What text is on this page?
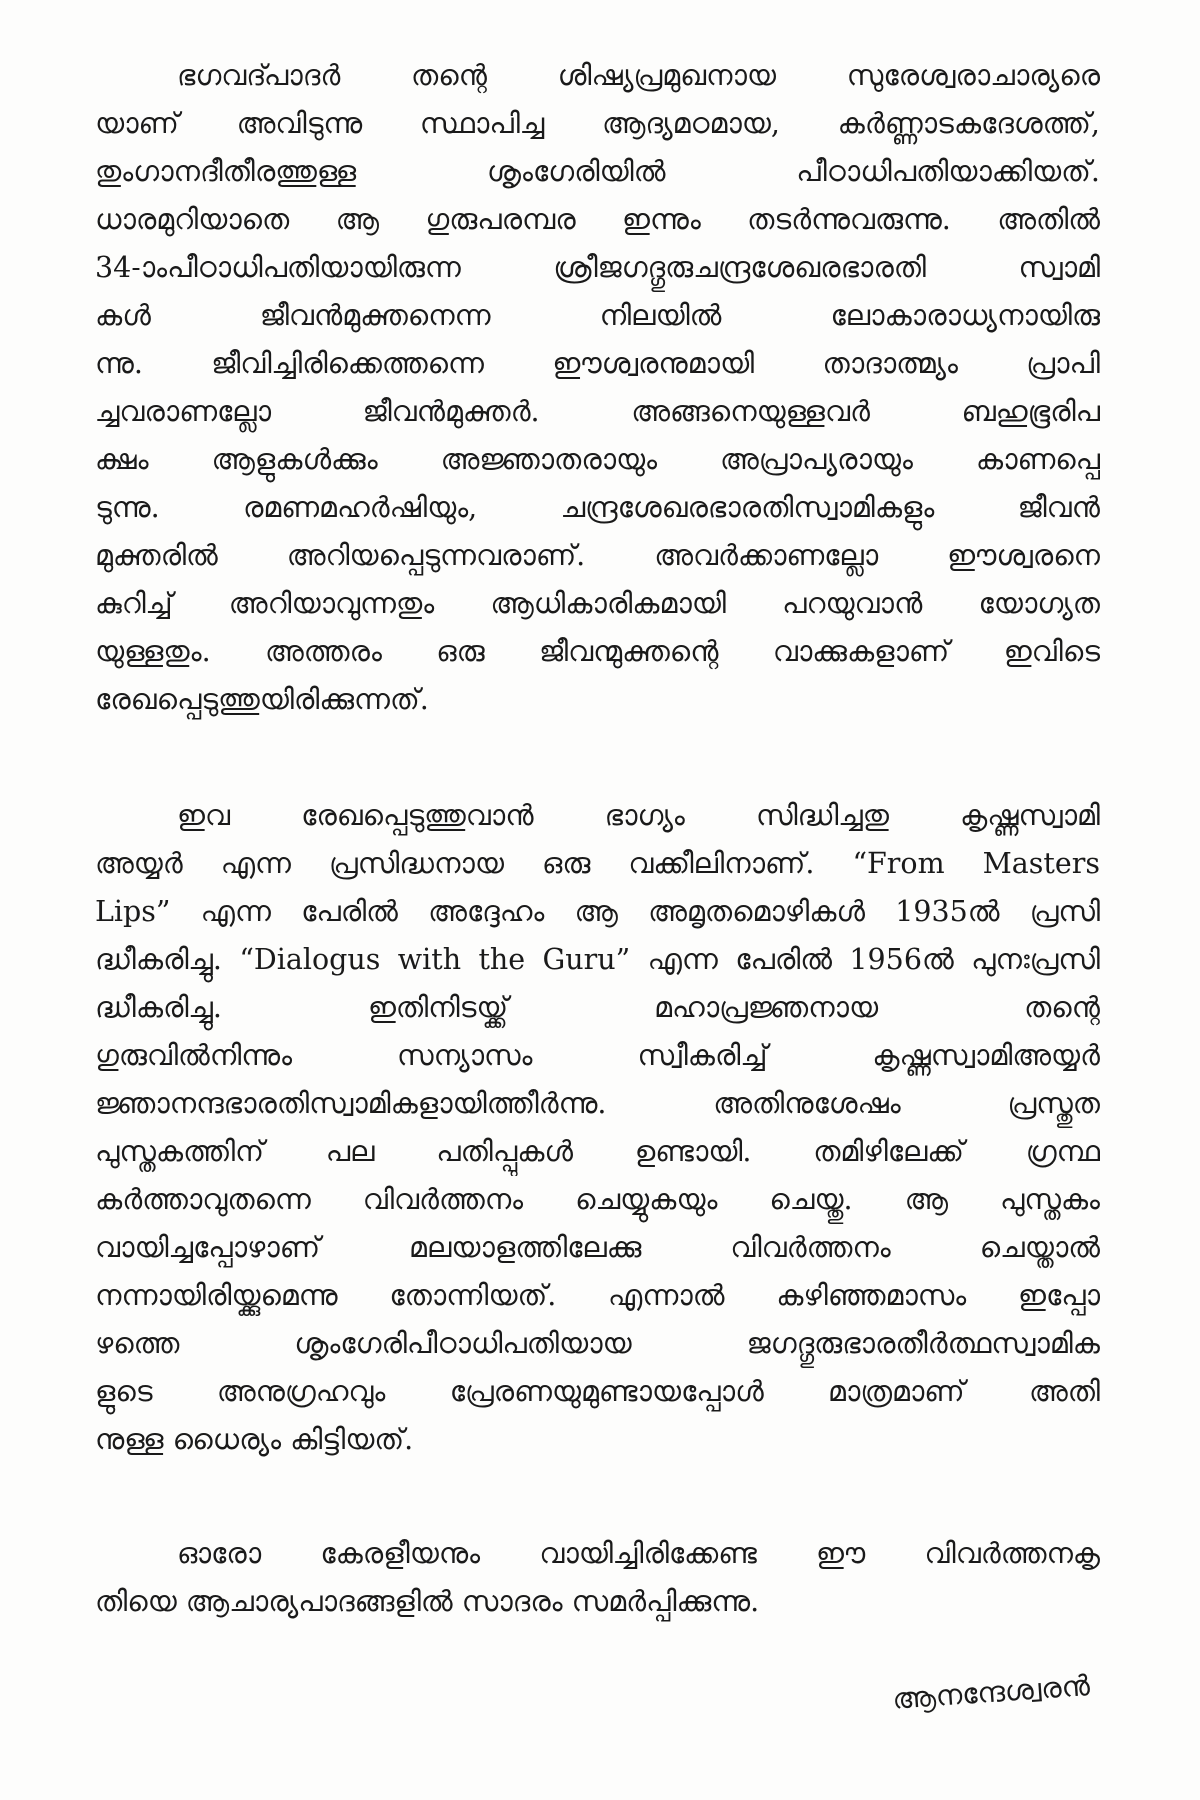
ഭഗവദ്പാദർ തന്റെ ശിഷ്യപ്രമുഖനായ സുരേശ്വരാചാര്യരെ
യാണ് അവിടുന്നു സ്ഥാപിച്ച ആദ്യമഠമായ, കർണ്ണാടകദേശത്ത്,
തുംഗാനദീതീരത്തുള്ള ശൃംഗേരിയിൽ പീഠാധിപതിയാക്കിയത്.
ധാരമുറിയാതെ ആ ഗുരുപരമ്പര ഇന്നും തടർന്നുവരുന്നു. അതിൽ
34-ാംപീഠാധിപതിയായിരുന്ന ശ്രീജഗദ്ഗുരുചന്ദ്രശേഖരഭാരതി സ്വാമി
കൾ ജീവൻമുക്തനെന്ന നിലയിൽ ലോകാരാധ്യനായിരു
ന്നു. ജീവിച്ചിരിക്കെത്തന്നെ ഈശ്വരനുമായി താദാത്മ്യം പ്രാപി
ച്ചവരാണല്ലോ ജീവൻമുക്തർ. അങ്ങനെയുള്ളവർ ബഹുഭൂരിപ
ക്ഷം ആളുകൾക്കും അജ്ഞാതരായും അപ്രാപ്യരായും കാണപ്പെ
ടുന്നു. രമണമഹർഷിയും, ചന്ദ്രശേഖരഭാരതിസ്വാമികളും ജീവൻ
മുക്തരിൽ അറിയപ്പെടുന്നവരാണ്. അവർക്കാണല്ലോ ഈശ്വരനെ
കുറിച്ച് അറിയാവുന്നതും ആധികാരികമായി പറയുവാൻ യോഗ്യത
യുള്ളതും. അത്തരം ഒരു ജീവന്മുക്തന്റെ വാക്കുകളാണ് ഇവിടെ
രേഖപ്പെടുത്തുയിരിക്കുന്നത്.
ഇവ രേഖപ്പെടുത്തുവാൻ ഭാഗ്യം സിദ്ധിച്ചതു കൃഷ്ണസ്വാമി
അയ്യർ എന്ന പ്രസിദ്ധനായ ഒരു വക്കീലിനാണ്. “From Masters
Lips” എന്ന പേരിൽ അദ്ദേഹം ആ അമൃതമൊഴികൾ 1935ൽ പ്രസി
ദ്ധീകരിച്ചു. “Dialogus with the Guru” എന്ന പേരിൽ 1956ൽ പുനഃപ്രസി
ദ്ധീകരിച്ചു. ഇതിനിടയ്ക്ക് മഹാപ്രജ്ഞനായ തന്റെ
ഗുരുവിൽനിന്നും സന്യാസം സ്വീകരിച്ച് കൃഷ്ണസ്വാമിഅയ്യർ
ജ്ഞാനന്ദഭാരതിസ്വാമികളായിത്തീർന്നു. അതിനുശേഷം പ്രസ്തുത
പുസ്തകത്തിന് പല പതിപ്പുകൾ ഉണ്ടായി. തമിഴിലേക്ക് ഗ്രന്ഥ
കർത്താവുതന്നെ വിവർത്തനം ചെയ്യുകയും ചെയ്തു. ആ പുസ്തകം
വായിച്ചപ്പോഴാണ് മലയാളത്തിലേക്കു വിവർത്തനം ചെയ്താൽ
നന്നായിരിയ്ക്കുമെന്നു തോന്നിയത്. എന്നാൽ കഴിഞ്ഞമാസം ഇപ്പോ
ഴത്തെ ശൃംഗേരിപീഠാധിപതിയായ ജഗദ്ഗുരുഭാരതീർത്ഥസ്വാമിക
ളുടെ അനുഗ്രഹവും പ്രേരണയുമുണ്ടായപ്പോൾ മാത്രമാണ് അതി
നുള്ള ധൈര്യം കിട്ടിയത്.
ഓരോ കേരളീയനും വായിച്ചിരിക്കേണ്ട ഈ വിവർത്തനകൃ
തിയെ ആചാര്യപാദങ്ങളിൽ സാദരം സമർപ്പിക്കുന്നു.
ആനന്ദേശ്വരൻ
